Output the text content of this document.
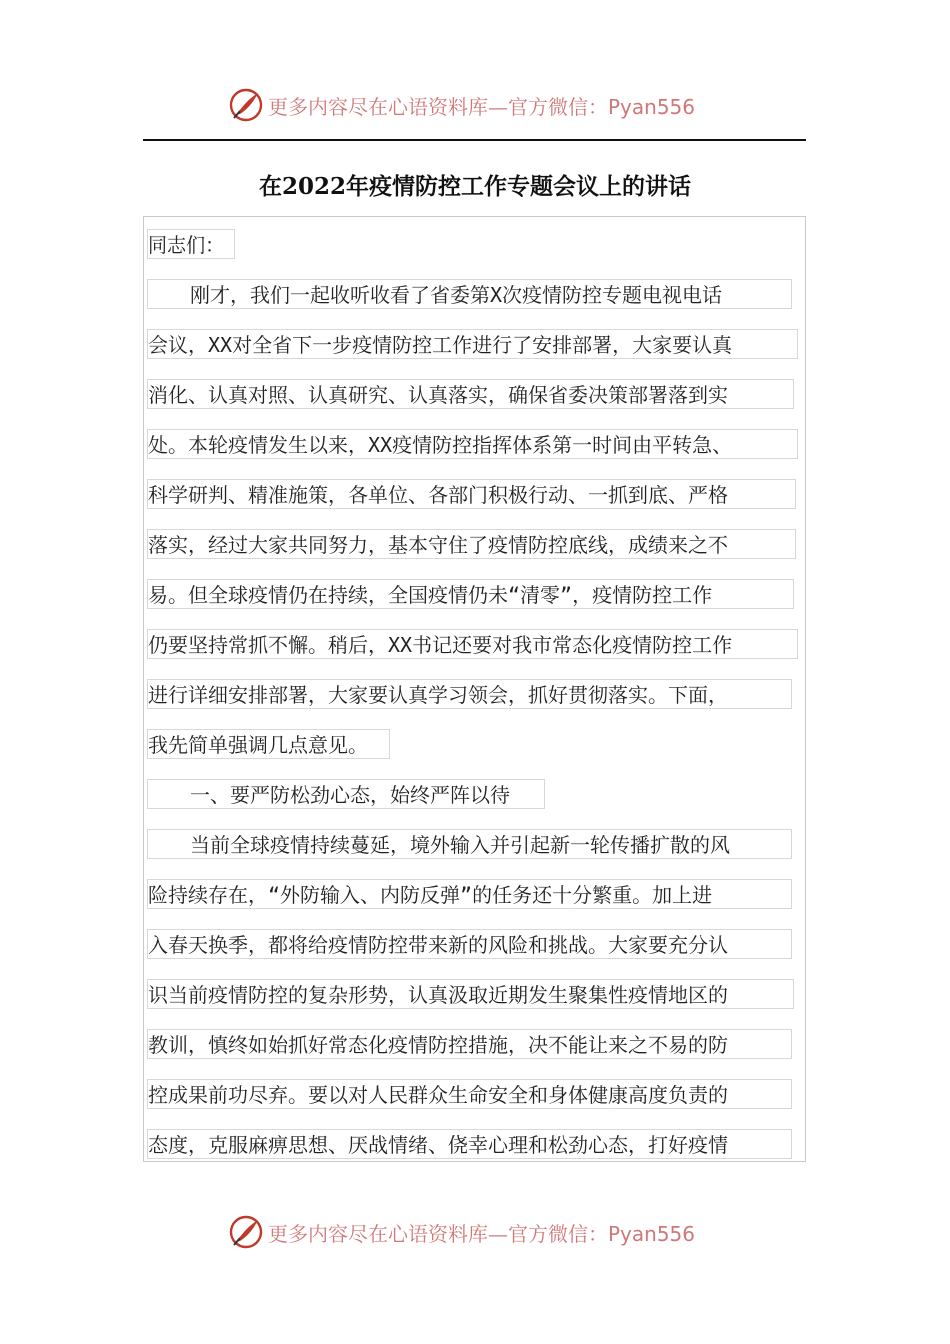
更多内容尽在心语资料库—官方微信：Pyan556
在2022年疫情防控工作专题会议上的讲话
同志们：
刚才，我们一起收听收看了省委第X次疫情防控专题电视电话
会议，XX对全省下一步疫情防控工作进行了安排部署，大家要认真
消化、认真对照、认真研究、认真落实，确保省委决策部署落到实
处。本轮疫情发生以来，XX疫情防控指挥体系第一时间由平转急、
科学研判、精准施策，各单位、各部门积极行动、一抓到底、严格
落实，经过大家共同努力，基本守住了疫情防控底线，成绩来之不
易。但全球疫情仍在持续，全国疫情仍未“清零”，疫情防控工作
仍要坚持常抓不懈。稍后，XX书记还要对我市常态化疫情防控工作
进行详细安排部署，大家要认真学习领会，抓好贯彻落实。下面，
我先简单强调几点意见。
一、要严防松劲心态，始终严阵以待
当前全球疫情持续蔓延，境外输入并引起新一轮传播扩散的风
险持续存在，“外防输入、内防反弹”的任务还十分繁重。加上进
入春天换季，都将给疫情防控带来新的风险和挑战。大家要充分认
识当前疫情防控的复杂形势，认真汲取近期发生聚集性疫情地区的
教训，慎终如始抓好常态化疫情防控措施，决不能让来之不易的防
控成果前功尽弃。要以对人民群众生命安全和身体健康高度负责的
态度，克服麻痹思想、厌战情绪、侥幸心理和松劲心态，打好疫情
更多内容尽在心语资料库—官方微信：Pyan556
